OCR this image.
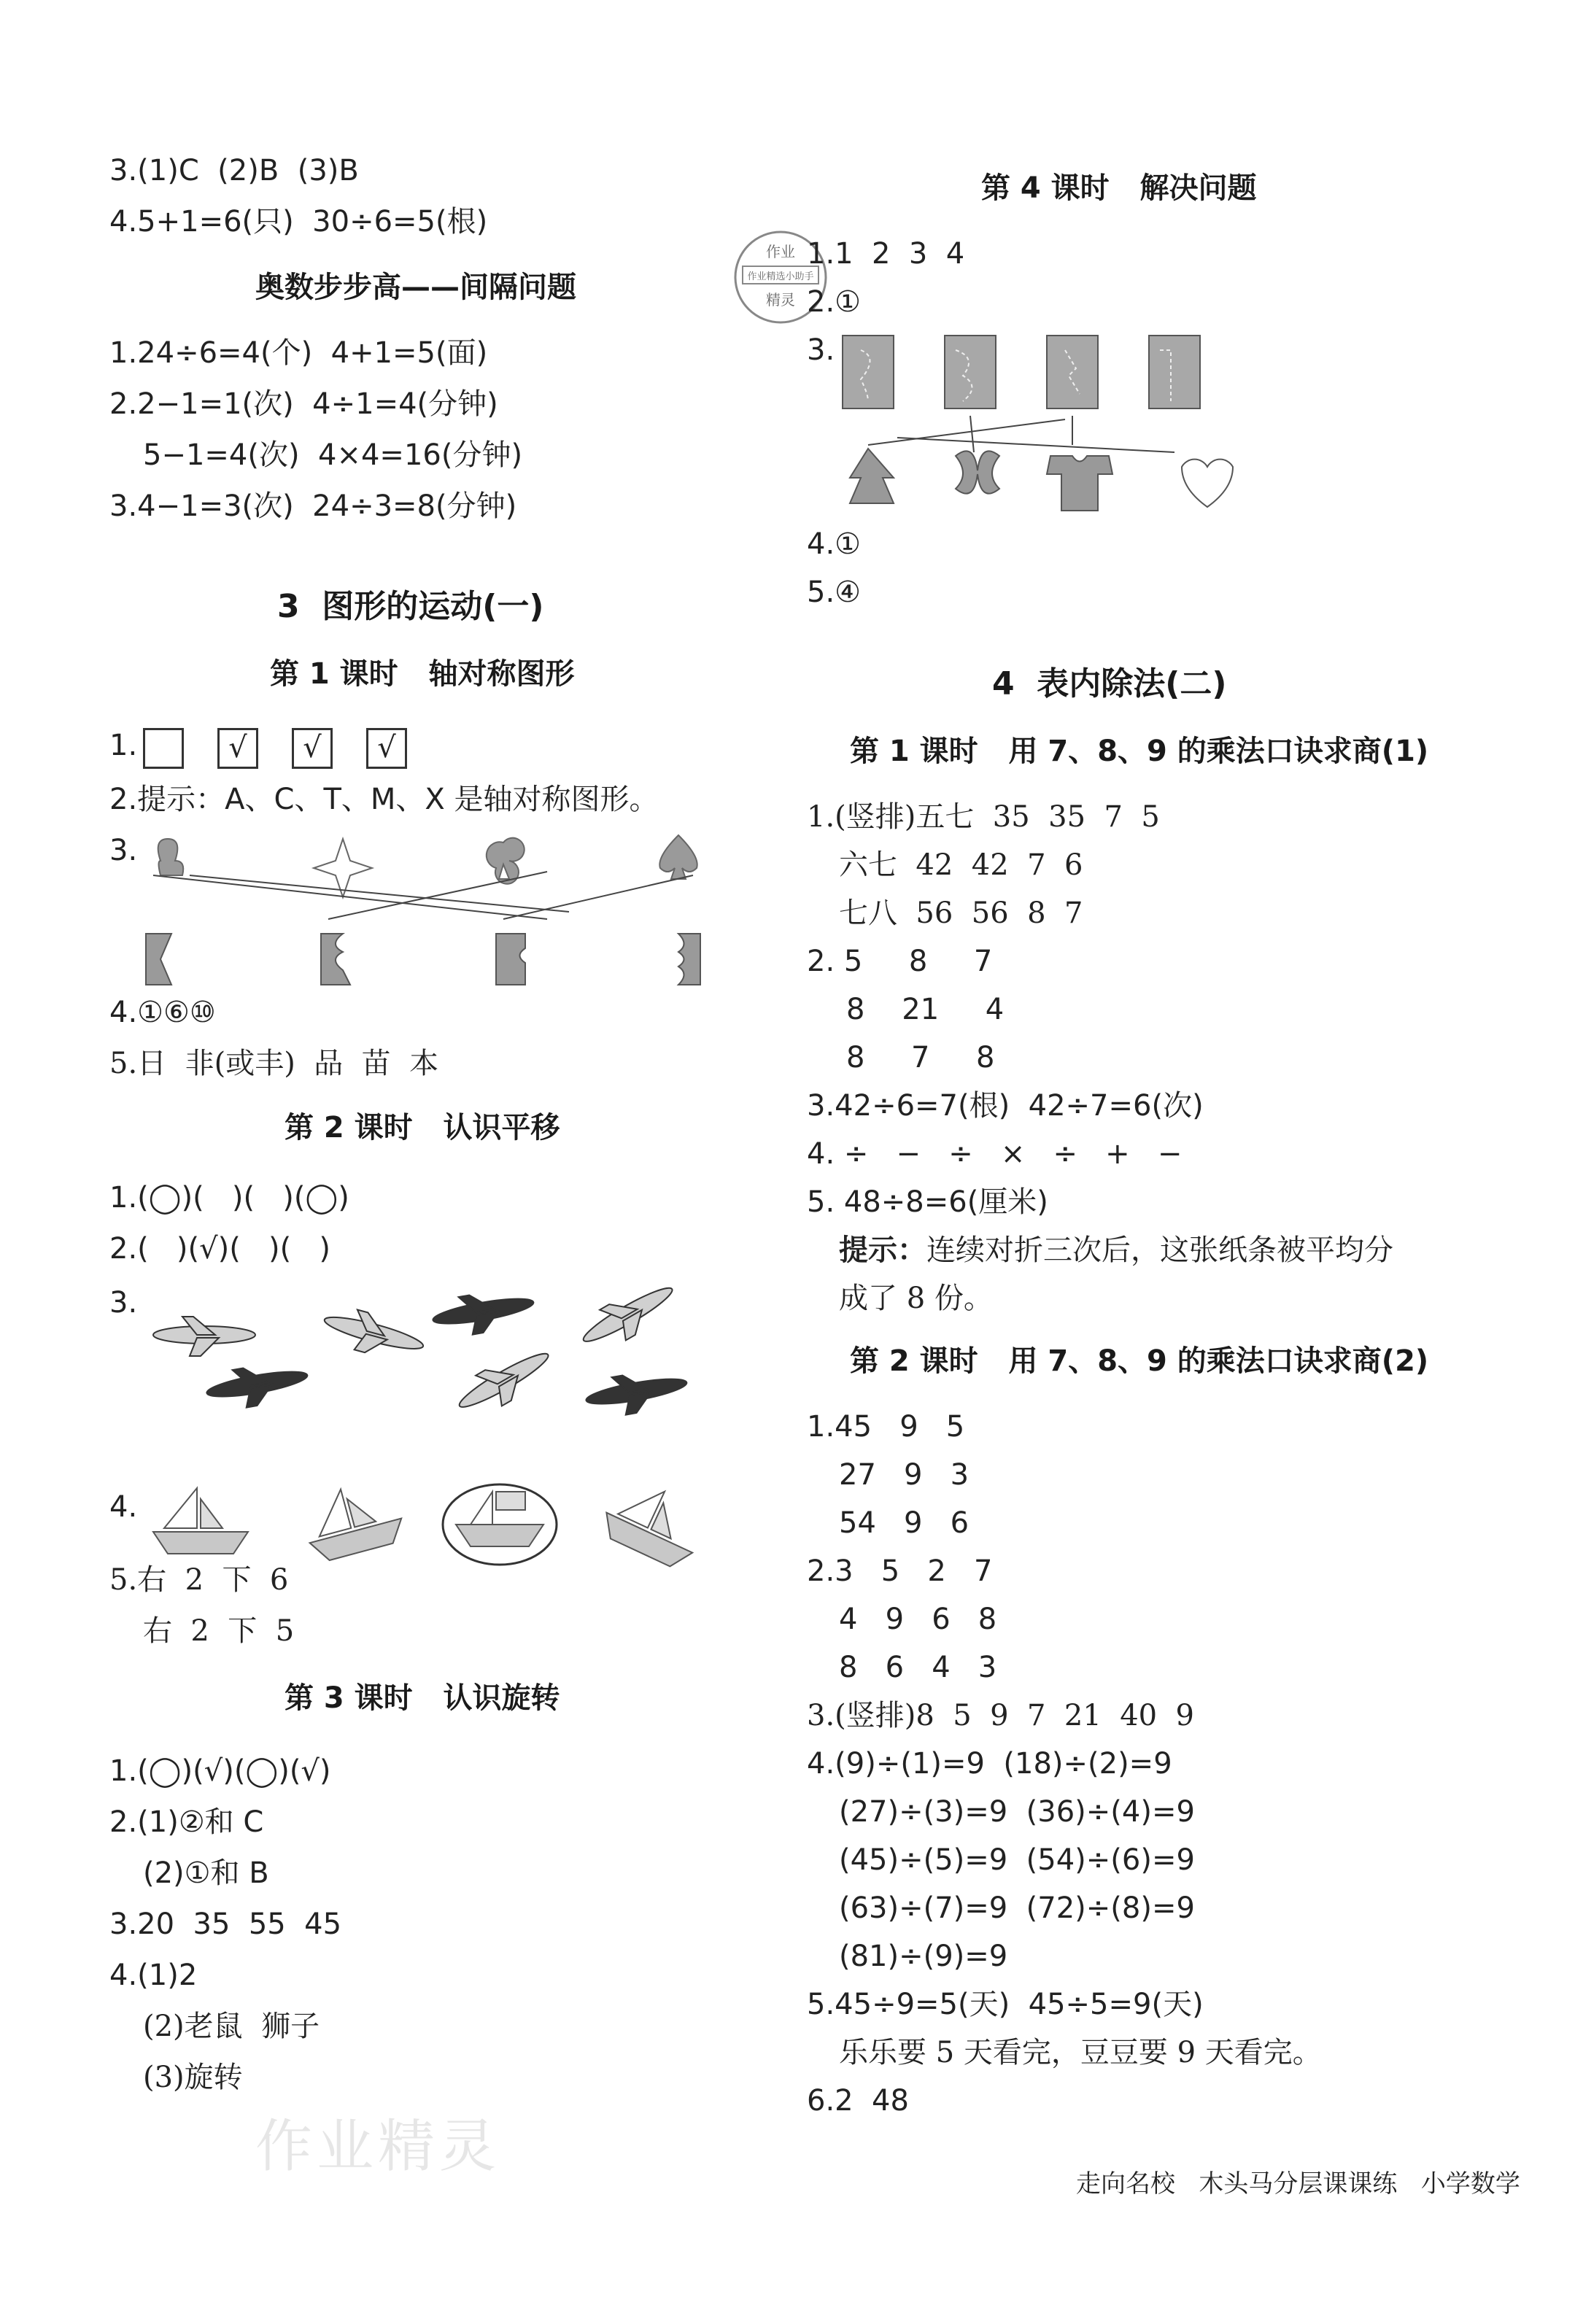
3.(1)C  (2)B  (3)B
4.5+1=6(只)  30÷6=5(根)
奥数步步高——间隔问题
1.24÷6=4(个)  4+1=5(面)
2.2−1=1(次)  4÷1=4(分钟)
5−1=4(次)  4×4=16(分钟)
3.4−1=3(次)  24÷3=8(分钟)
3  图形的运动(一)
第 1 课时   轴对称图形
1.	√ √ √
2.提示：A、C、T、M、X 是轴对称图形。
3.
4.①⑥⑩
5.日  非(或丰)  品  苗  本
第 2 课时   认识平移
1.(◯)(   )(   )(◯)
2.(   )(√)(   )(   )
3.
4.
5.右  2  下  6
右  2  下  5
第 3 课时   认识旋转
1.(◯)(√)(◯)(√)
2.(1)②和 C
(2)①和 B
3.20  35  55  45
4.(1)2
(2)老鼠  狮子
(3)旋转
作业精灵
第 4 课时   解决问题
作业
作业精选小助手
精灵
1.1  2  3  4
2.①
3.
4.①
5.④
4  表内除法(二)
第 1 课时   用 7、8、9 的乘法口诀求商(1)
1.(竖排)五七  35  35  7  5
六七  42  42  7  6
七八  56  56  8  7
2. 5     8     7
8    21     4
8     7     8
3.42÷6=7(根)  42÷7=6(次)
4. ÷   −   ÷   ×   ÷   +   −
5. 48÷8=6(厘米)
提示：连续对折三次后，这张纸条被平均分
成了 8 份。
第 2 课时   用 7、8、9 的乘法口诀求商(2)
1.45   9   5
27   9   3
54   9   6
2.3   5   2   7
4   9   6   8
8   6   4   3
3.(竖排)8  5  9  7  21  40  9
4.(9)÷(1)=9  (18)÷(2)=9
(27)÷(3)=9  (36)÷(4)=9
(45)÷(5)=9  (54)÷(6)=9
(63)÷(7)=9  (72)÷(8)=9
(81)÷(9)=9
5.45÷9=5(天)  45÷5=9(天)
乐乐要 5 天看完，豆豆要 9 天看完。
6.2  48
走向名校   木头马分层课课练   小学数学
